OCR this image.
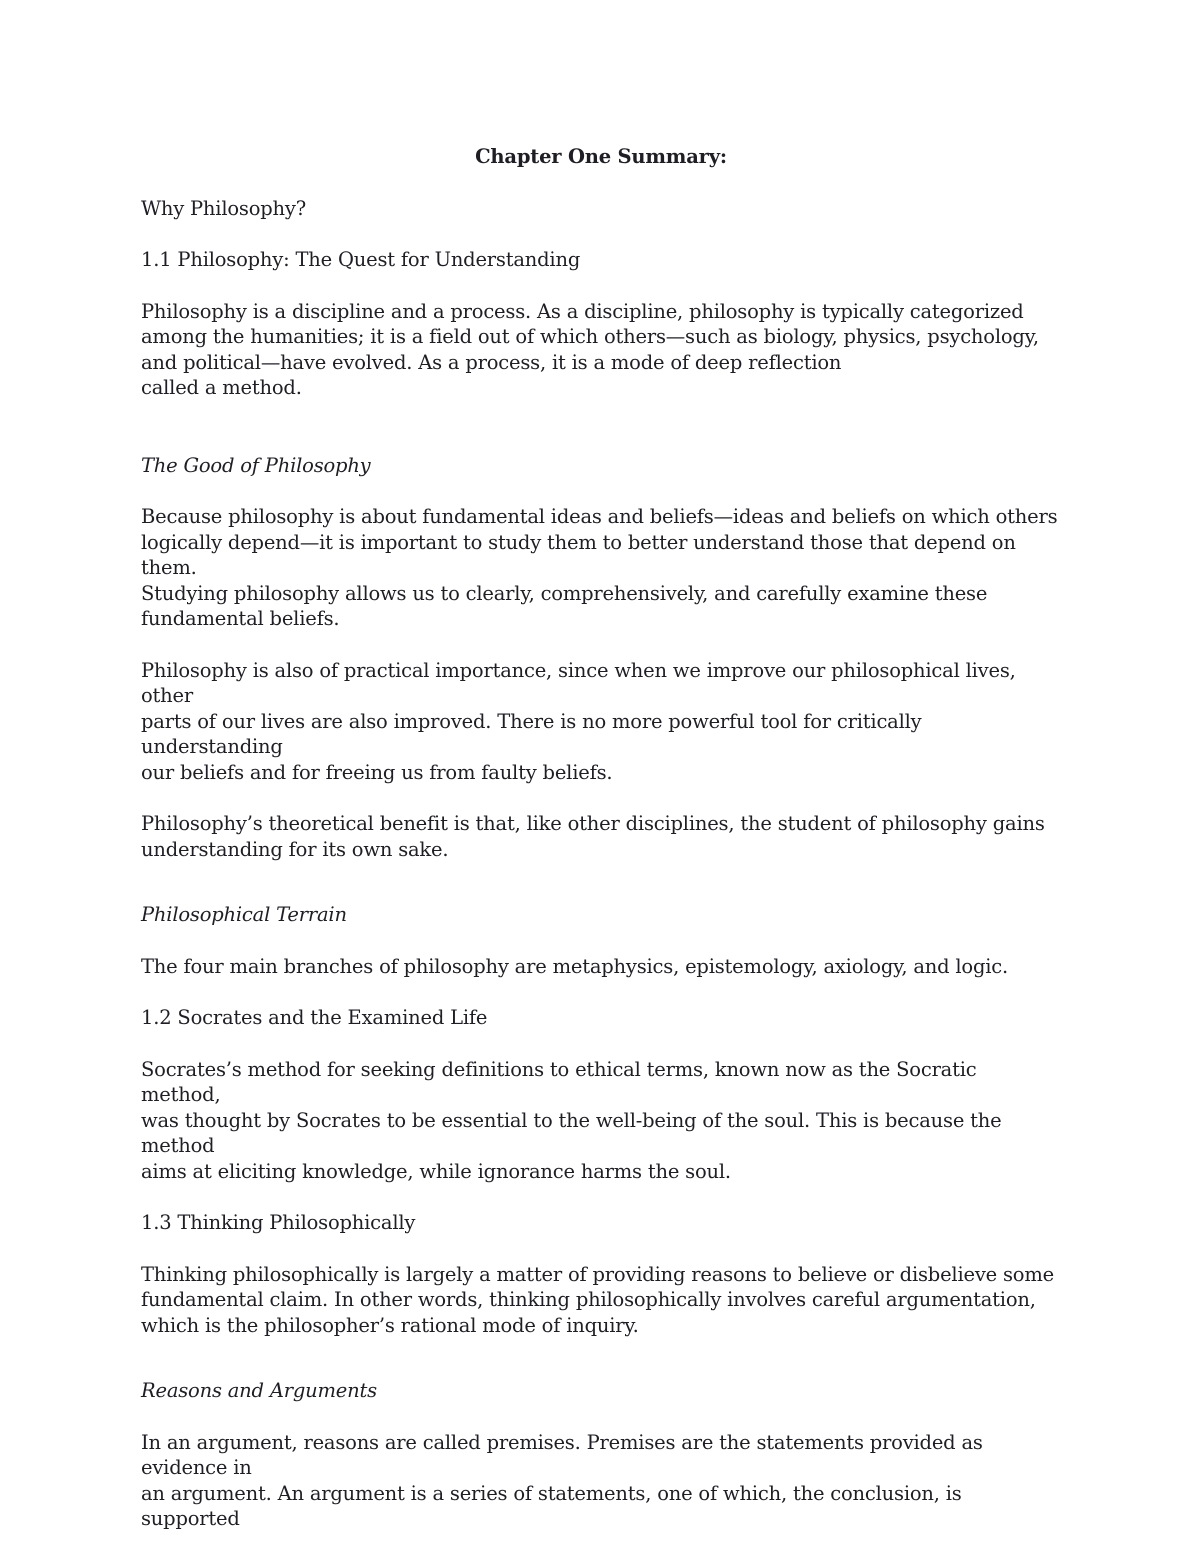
Chapter One Summary:
Why Philosophy?
1.1 Philosophy: The Quest for Understanding
Philosophy is a discipline and a process. As a discipline, philosophy is typically categorized
among the humanities; it is a field out of which others—such as biology, physics, psychology,
and political—have evolved. As a process, it is a mode of deep reflection
called a method.
The Good of Philosophy
Because philosophy is about fundamental ideas and beliefs—ideas and beliefs on which others
logically depend—it is important to study them to better understand those that depend on them.
Studying philosophy allows us to clearly, comprehensively, and carefully examine these
fundamental beliefs.
Philosophy is also of practical importance, since when we improve our philosophical lives, other
parts of our lives are also improved. There is no more powerful tool for critically understanding
our beliefs and for freeing us from faulty beliefs.
Philosophy’s theoretical benefit is that, like other disciplines, the student of philosophy gains
understanding for its own sake.
Philosophical Terrain
The four main branches of philosophy are metaphysics, epistemology, axiology, and logic.
1.2 Socrates and the Examined Life
Socrates’s method for seeking definitions to ethical terms, known now as the Socratic method,
was thought by Socrates to be essential to the well-being of the soul. This is because the method
aims at eliciting knowledge, while ignorance harms the soul.
1.3 Thinking Philosophically
Thinking philosophically is largely a matter of providing reasons to believe or disbelieve some
fundamental claim. In other words, thinking philosophically involves careful argumentation,
which is the philosopher’s rational mode of inquiry.
Reasons and Arguments
In an argument, reasons are called premises. Premises are the statements provided as evidence in
an argument. An argument is a series of statements, one of which, the conclusion, is supported
